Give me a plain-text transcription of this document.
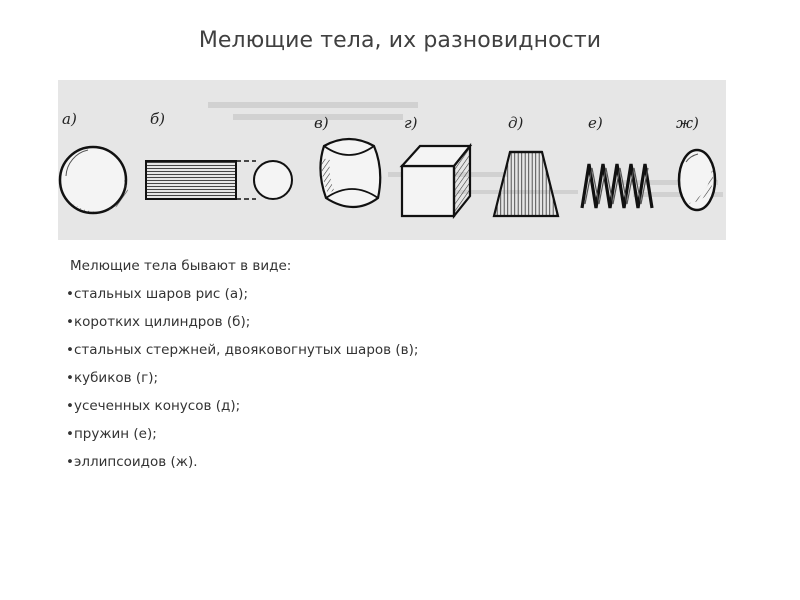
Мелющие тела, их разновидности
а)	б)	в)	г)	д)	е)	ж)
Мелющие тела бывают в виде:
•стальных шаров рис (а);
•коротких цилиндров (б);
•стальных стержней, двояковогнутых шаров (в);
•кубиков (г);
•усеченных конусов (д);
•пружин (е);
•эллипсоидов (ж).
